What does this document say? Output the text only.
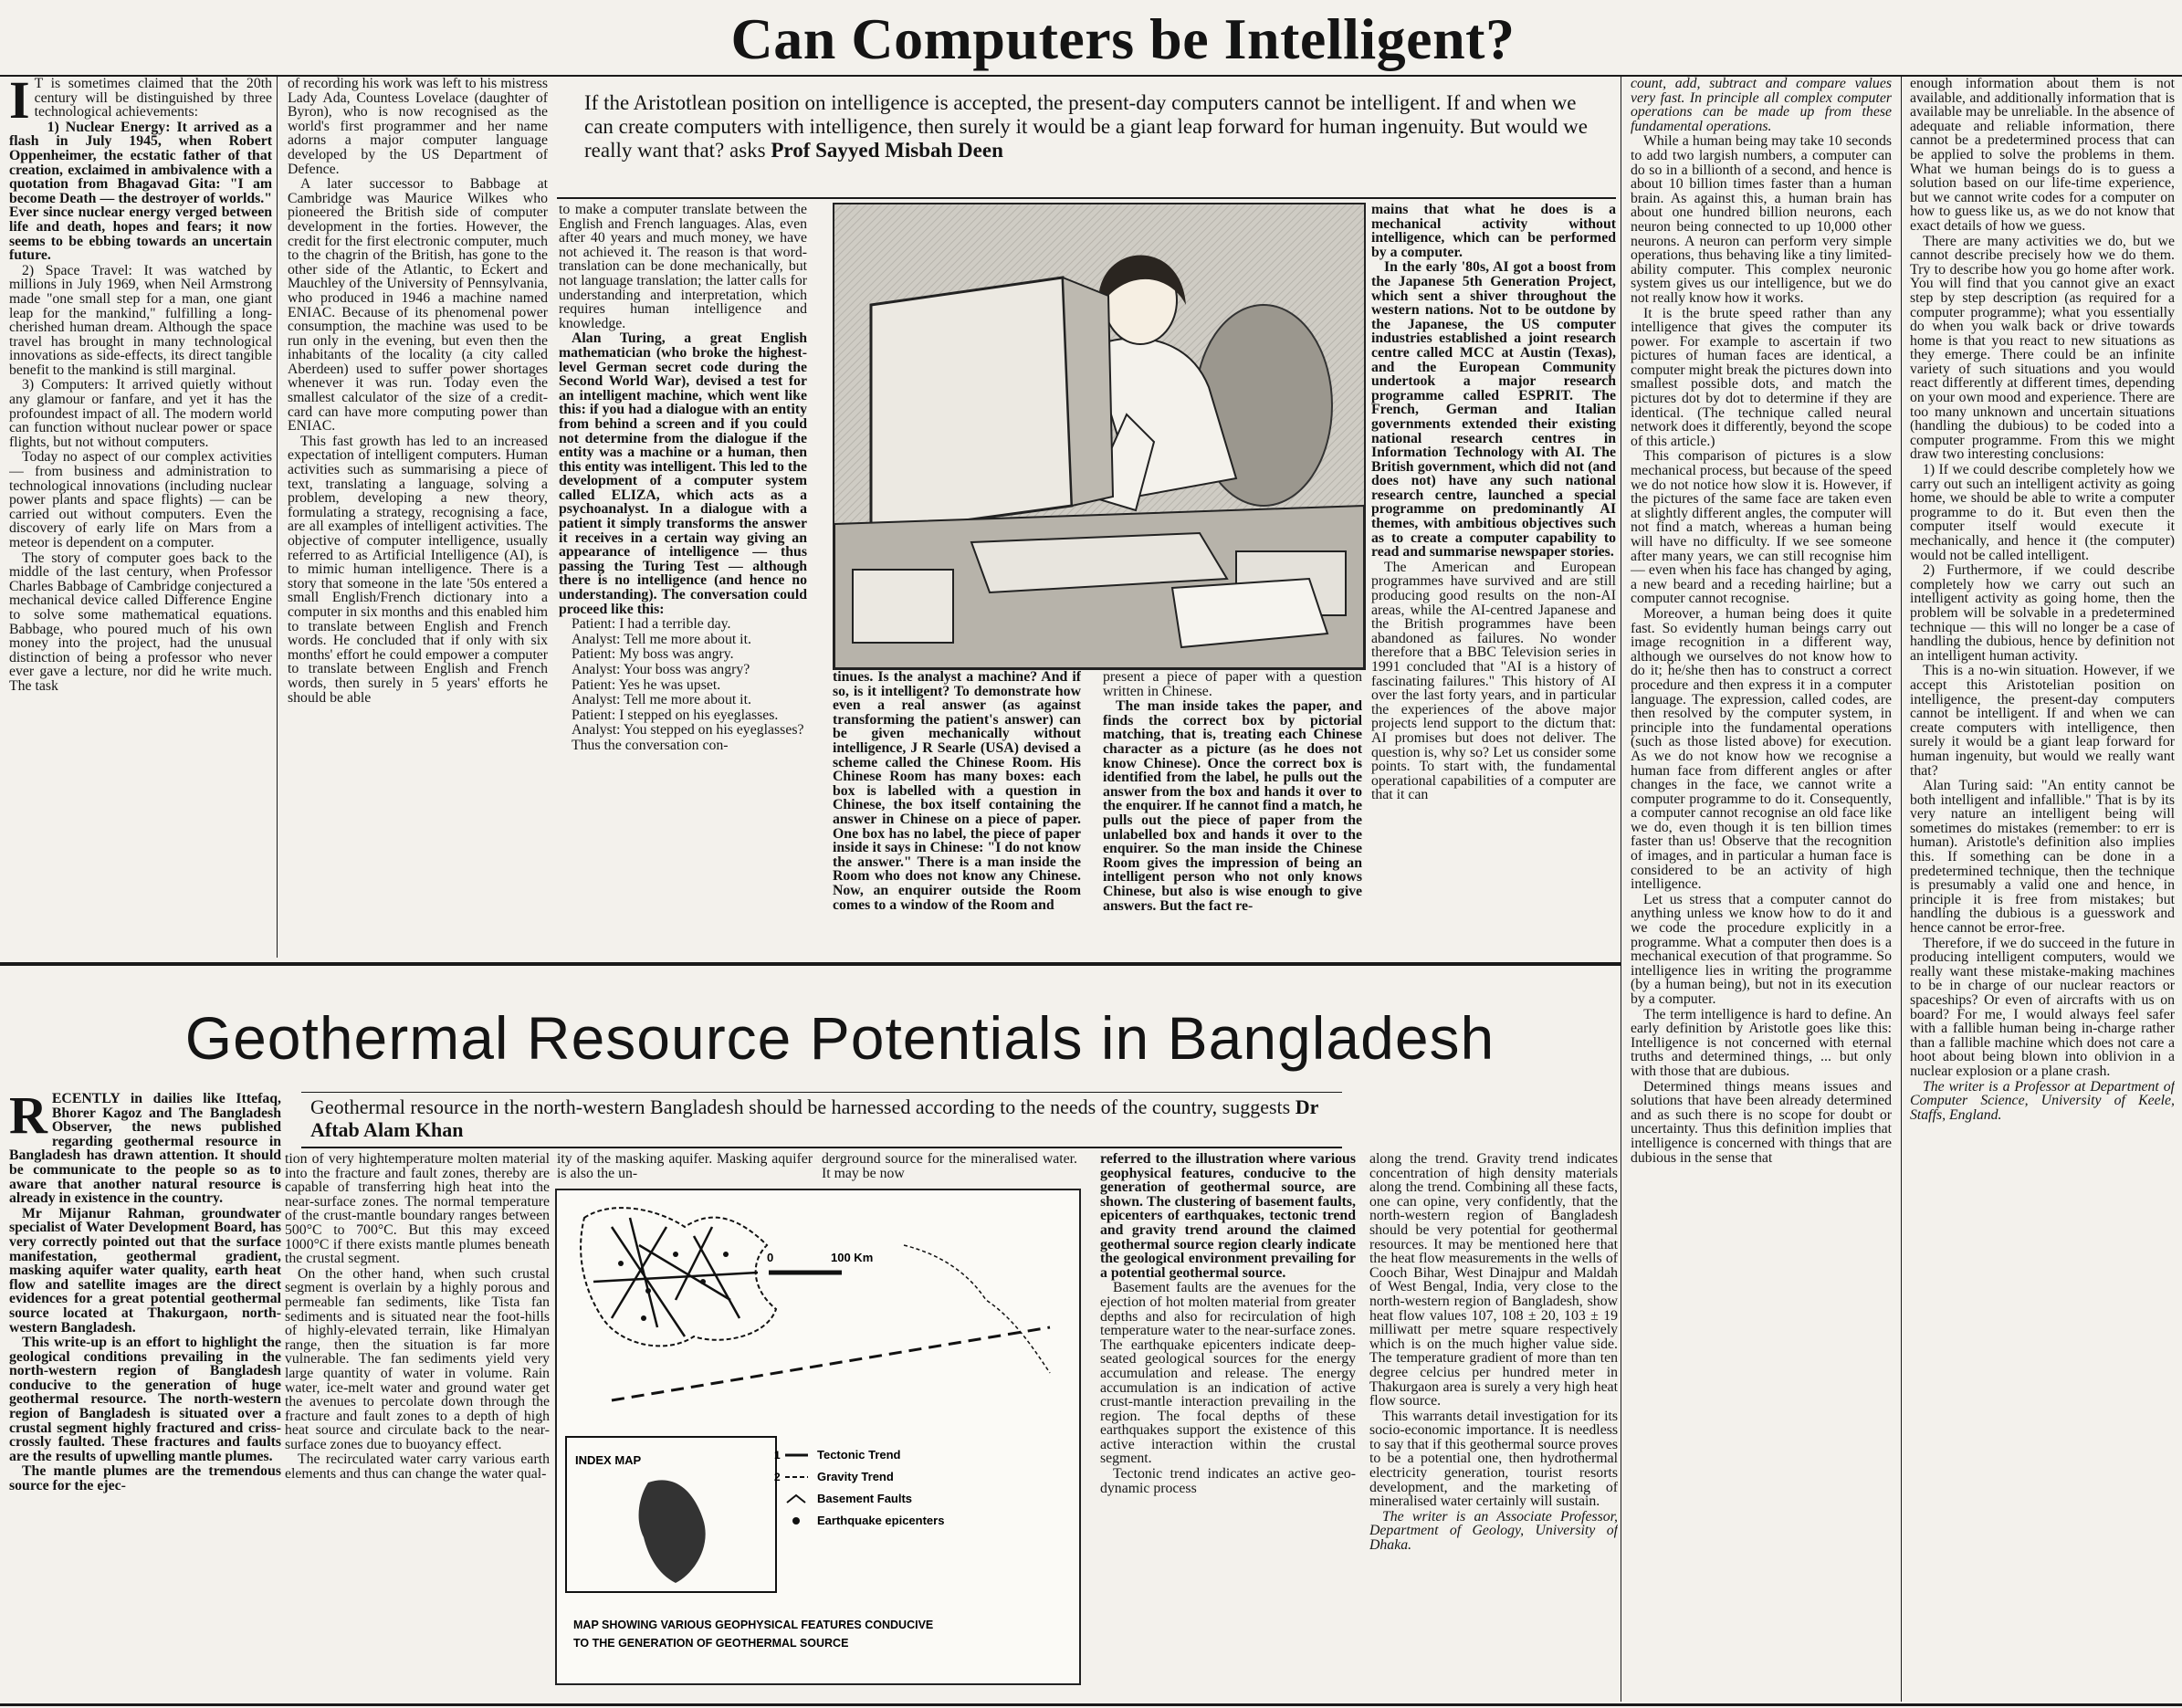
Can Computers be Intelligent?
If the Aristotlean position on intelligence is accepted, the present-day computers cannot be intelligent. If and when we can create computers with intelligence, then surely it would be a giant leap forward for human ingenuity. But would we really want that? asks Prof Sayyed Misbah Deen

I T is sometimes claimed that the 20th century will be distinguished by three technological achievements:

1) Nuclear Energy: It arrived as a flash in July 1945, when Robert Oppenheimer, the ecstatic father of that creation, exclaimed in ambivalence with a quotation from Bhagavad Gita: "I am become Death — the destroyer of worlds." Ever since nuclear energy verged between life and death, hopes and fears; it now seems to be ebbing towards an uncertain future.

2) Space Travel: It was watched by millions in July 1969, when Neil Armstrong made "one small step for a man, one giant leap for the mankind," fulfilling a long-cherished human dream. Although the space travel has brought in many technological innovations as side-effects, its direct tangible benefit to the mankind is still marginal.

3) Computers: It arrived quietly without any glamour or fanfare, and yet it has the profoundest impact of all. The modern world can function without nuclear power or space flights, but not without computers.

Today no aspect of our complex activities — from business and administration to technological innovations (including nuclear power plants and space flights) — can be carried out without computers. Even the discovery of early life on Mars from a meteor is dependent on a computer.

The story of computer goes back to the middle of the last century, when Professor Charles Babbage of Cambridge conjectured a mechanical device called Difference Engine to solve some mathematical equations. Babbage, who poured much of his own money into the project, had the unusual distinction of being a professor who never ever gave a lecture, nor did he write much. The task

of recording his work was left to his mistress Lady Ada, Countess Lovelace (daughter of Byron), who is now recognised as the world's first programmer and her name adorns a major computer language developed by the US Department of Defence.

A later successor to Babbage at Cambridge was Maurice Wilkes who pioneered the British side of computer development in the forties. However, the credit for the first electronic computer, much to the chagrin of the British, has gone to the other side of the Atlantic, to Eckert and Mauchley of the University of Pennsylvania, who produced in 1946 a machine named ENIAC. Because of its phenomenal power consumption, the machine was used to be run only in the evening, but even then the inhabitants of the locality (a city called Aberdeen) used to suffer power shortages whenever it was run. Today even the smallest calculator of the size of a credit-card can have more computing power than ENIAC.

This fast growth has led to an increased expectation of intelligent computers. Human activities such as summarising a piece of text, translating a language, solving a problem, developing a new theory, formulating a strategy, recognising a face, are all examples of intelligent activities. The objective of computer intelligence, usually referred to as Artificial Intelligence (AI), is to mimic human intelligence. There is a story that someone in the late '50s entered a small English/French dictionary into a computer in six months and this enabled him to translate between English and French words. He concluded that if only with six months' effort he could empower a computer to translate between English and French words, then surely in 5 years' efforts he should be able

to make a computer translate between the English and French languages. Alas, even after 40 years and much money, we have not achieved it. The reason is that word-translation can be done mechanically, but not language translation; the latter calls for understanding and interpretation, which requires human intelligence and knowledge.

Alan Turing, a great English mathematician (who broke the highest-level German secret code during the Second World War), devised a test for an intelligent machine, which went like this: if you had a dialogue with an entity from behind a screen and if you could not determine from the dialogue if the entity was a machine or a human, then this entity was intelligent. This led to the development of a computer system called ELIZA, which acts as a psychoanalyst. In a dialogue with a patient it simply transforms the answer it receives in a certain way giving an appearance of intelligence — thus passing the Turing Test — although there is no intelligence (and hence no understanding). The conversation could proceed like this:

Patient: I had a terrible day.

Analyst: Tell me more about it.

Patient: My boss was angry.

Analyst: Your boss was angry?

Patient: Yes he was upset.

Analyst: Tell me more about it.

Patient: I stepped on his eyeglasses.

Analyst: You stepped on his eyeglasses?

Thus the conversation con-

tinues. Is the analyst a machine? And if so, is it intelligent? To demonstrate how even a real answer (as against transforming the patient's answer) can be given mechanically without intelligence, J R Searle (USA) devised a scheme called the Chinese Room. His Chinese Room has many boxes: each box is labelled with a question in Chinese, the box itself containing the answer in Chinese on a piece of paper. One box has no label, the piece of paper inside it says in Chinese: "I do not know the answer." There is a man inside the Room who does not know any Chinese. Now, an enquirer outside the Room comes to a window of the Room and

present a piece of paper with a question written in Chinese.

The man inside takes the paper, and finds the correct box by pictorial matching, that is, treating each Chinese character as a picture (as he does not know Chinese). Once the correct box is identified from the label, he pulls out the answer from the box and hands it over to the enquirer. If he cannot find a match, he pulls out the piece of paper from the unlabelled box and hands it over to the enquirer. So the man inside the Chinese Room gives the impression of being an intelligent person who not only knows Chinese, but also is wise enough to give answers. But the fact re-

mains that what he does is a mechanical activity without intelligence, which can be performed by a computer.

In the early '80s, AI got a boost from the Japanese 5th Generation Project, which sent a shiver throughout the western nations. Not to be outdone by the Japanese, the US computer industries established a joint research centre called MCC at Austin (Texas), and the European Community undertook a major research programme called ESPRIT. The French, German and Italian governments extended their existing national research centres in Information Technology with AI. The British government, which did not (and does not) have any such national research centre, launched a special programme on predominantly AI themes, with ambitious objectives such as to create a computer capability to read and summarise newspaper stories.

The American and European programmes have survived and are still producing good results on the non-AI areas, while the AI-centred Japanese and the British programmes have been abandoned as failures. No wonder therefore that a BBC Television series in 1991 concluded that "AI is a history of fascinating failures." This history of AI over the last forty years, and in particular the experiences of the above major projects lend support to the dictum that: AI promises but does not deliver. The question is, why so? Let us consider some points. To start with, the fundamental operational capabilities of a computer are that it can

count, add, subtract and compare values very fast. In principle all complex computer operations can be made up from these fundamental operations.

While a human being may take 10 seconds to add two largish numbers, a computer can do so in a billionth of a second, and hence is about 10 billion times faster than a human brain. As against this, a human brain has about one hundred billion neurons, each neuron being connected to up 10,000 other neurons. A neuron can perform very simple operations, thus behaving like a tiny limited-ability computer. This complex neuronic system gives us our intelligence, but we do not really know how it works.

It is the brute speed rather than any intelligence that gives the computer its power. For example to ascertain if two pictures of human faces are identical, a computer might break the pictures down into smallest possible dots, and match the pictures dot by dot to determine if they are identical. (The technique called neural network does it differently, beyond the scope of this article.)

This comparison of pictures is a slow mechanical process, but because of the speed we do not notice how slow it is. However, if the pictures of the same face are taken even at slightly different angles, the computer will not find a match, whereas a human being will have no difficulty. If we see someone after many years, we can still recognise him — even when his face has changed by aging, a new beard and a receding hairline; but a computer cannot recognise.

Moreover, a human being does it quite fast. So evidently human beings carry out image recognition in a different way, although we ourselves do not know how to do it; he/she then has to construct a correct procedure and then express it in a computer language. The expression, called codes, are then resolved by the computer system, in principle into the fundamental operations (such as those listed above) for execution. As we do not know how we recognise a human face from different angles or after changes in the face, we cannot write a computer programme to do it. Consequently, a computer cannot recognise an old face like we do, even though it is ten billion times faster than us! Observe that the recognition of images, and in particular a human face is considered to be an activity of high intelligence.

Let us stress that a computer cannot do anything unless we know how to do it and we code the procedure explicitly in a programme. What a computer then does is a mechanical execution of that programme. So intelligence lies in writing the programme (by a human being), but not in its execution by a computer.

The term intelligence is hard to define. An early definition by Aristotle goes like this: Intelligence is not concerned with eternal truths and determined things, ... but only with those that are dubious.

Determined things means issues and solutions that have been already determined and as such there is no scope for doubt or uncertainty. Thus this definition implies that intelligence is concerned with things that are dubious in the sense that

enough information about them is not available, and additionally information that is available may be unreliable. In the absence of adequate and reliable information, there cannot be a predetermined process that can be applied to solve the problems in them. What we human beings do is to guess a solution based on our life-time experience, but we cannot write codes for a computer on how to guess like us, as we do not know that exact details of how we guess.

There are many activities we do, but we cannot describe precisely how we do them. Try to describe how you go home after work. You will find that you cannot give an exact step by step description (as required for a computer programme); what you essentially do when you walk back or drive towards home is that you react to new situations as they emerge. There could be an infinite variety of such situations and you would react differently at different times, depending on your own mood and experience. There are too many unknown and uncertain situations (handling the dubious) to be coded into a computer programme. From this we might draw two interesting conclusions:

1) If we could describe completely how we carry out such an intelligent activity as going home, we should be able to write a computer programme to do it. But even then the computer itself would execute it mechanically, and hence it (the computer) would not be called intelligent.

2) Furthermore, if we could describe completely how we carry out such an intelligent activity as going home, then the problem will be solvable in a predetermined technique — this will no longer be a case of handling the dubious, hence by definition not an intelligent human activity.

This is a no-win situation. However, if we accept this Aristotelian position on intelligence, the present-day computers cannot be intelligent. If and when we can create computers with intelligence, then surely it would be a giant leap forward for human ingenuity, but would we really want that?

Alan Turing said: "An entity cannot be both intelligent and infallible." That is by its very nature an intelligent being will sometimes do mistakes (remember: to err is human). Aristotle's definition also implies this. If something can be done in a predetermined technique, then the technique is presumably a valid one and hence, in principle it is free from mistakes; but handling the dubious is a guesswork and hence cannot be error-free.

Therefore, if we do succeed in the future in producing intelligent computers, would we really want these mistake-making machines to be in charge of our nuclear reactors or spaceships? Or even of aircrafts with us on board? For me, I would always feel safer with a fallible human being in-charge rather than a fallible machine which does not care a hoot about being blown into oblivion in a nuclear explosion or a plane crash.

The writer is a Professor at Department of Computer Science, University of Keele, Staffs, England.

Geothermal Resource Potentials in Bangladesh
Geothermal resource in the north-western Bangladesh should be harnessed according to the needs of the country, suggests Dr Aftab Alam Khan

RECENTLY in dailies like Ittefaq, Bhorer Kagoz and The Bangladesh Observer, the news published regarding geothermal resource in Bangladesh has drawn attention. It should be communicate to the people so as to aware that another natural resource is already in existence in the country.

Mr Mijanur Rahman, groundwater specialist of Water Development Board, has very correctly pointed out that the surface manifestation, geothermal gradient, masking aquifer water quality, earth heat flow and satellite images are the direct evidences for a great potential geothermal source located at Thakurgaon, north-western Bangladesh.

This write-up is an effort to highlight the geological conditions prevailing in the north-western region of Bangladesh conducive to the generation of huge geothermal resource. The north-western region of Bangladesh is situated over a crustal segment highly fractured and criss-crossly faulted. These fractures and faults are the results of upwelling mantle plumes.

The mantle plumes are the tremendous source for the ejec-

tion of very hightemperature molten material into the fracture and fault zones, thereby are capable of transferring high heat into the near-surface zones. The normal temperature of the crust-mantle boundary ranges between 500°C to 700°C. But this may exceed 1000°C if there exists mantle plumes beneath the crustal segment.

On the other hand, when such crustal segment is overlain by a highly porous and permeable fan sediments, like Tista fan sediments and is situated near the foot-hills of highly-elevated terrain, like Himalyan range, then the situation is far more vulnerable. The fan sediments yield very large quantity of water in volume. Rain water, ice-melt water and ground water get the avenues to percolate down through the fracture and fault zones to a depth of high heat source and circulate back to the near-surface zones due to buoyancy effect.

The recirculated water carry various earth elements and thus can change the water qual-

ity of the masking aquifer. Masking aquifer is also the un-

derground source for the mineralised water. It may be now

0	100 Km
INDEX MAP	1	Tectonic Trend
2	Gravity Trend
Basement Faults
Earthquake epicenters
MAP SHOWING VARIOUS GEOPHYSICAL FEATURES CONDUCIVE
TO THE GENERATION OF GEOTHERMAL SOURCE

referred to the illustration where various geophysical features, conducive to the generation of geothermal source, are shown. The clustering of basement faults, epicenters of earthquakes, tectonic trend and gravity trend around the claimed geothermal source region clearly indicate the geological environment prevailing for a potential geothermal source.

Basement faults are the avenues for the ejection of hot molten material from greater depths and also for recirculation of high temperature water to the near-surface zones. The earthquake epicenters indicate deep-seated geological sources for the energy accumulation and release. The energy accumulation is an indication of active crust-mantle interaction prevailing in the region. The focal depths of these earthquakes support the existence of this active interaction within the crustal segment.

Tectonic trend indicates an active geo-dynamic process

along the trend. Gravity trend indicates concentration of high density materials along the trend. Combining all these facts, one can opine, very confidently, that the north-western region of Bangladesh should be very potential for geothermal resources. It may be mentioned here that the heat flow measurements in the wells of Cooch Bihar, West Dinajpur and Maldah of West Bengal, India, very close to the north-western region of Bangladesh, show heat flow values 107, 108 ± 20, 103 ± 19 milliwatt per metre square respectively which is on the much higher value side. The temperature gradient of more than ten degree celcius per hundred meter in Thakurgaon area is surely a very high heat flow source.

This warrants detail investigation for its socio-economic importance. It is needless to say that if this geothermal source proves to be a potential one, then hydrothermal electricity generation, tourist resorts development, and the marketing of mineralised water certainly will sustain.

The writer is an Associate Professor, Department of Geology, University of Dhaka.
